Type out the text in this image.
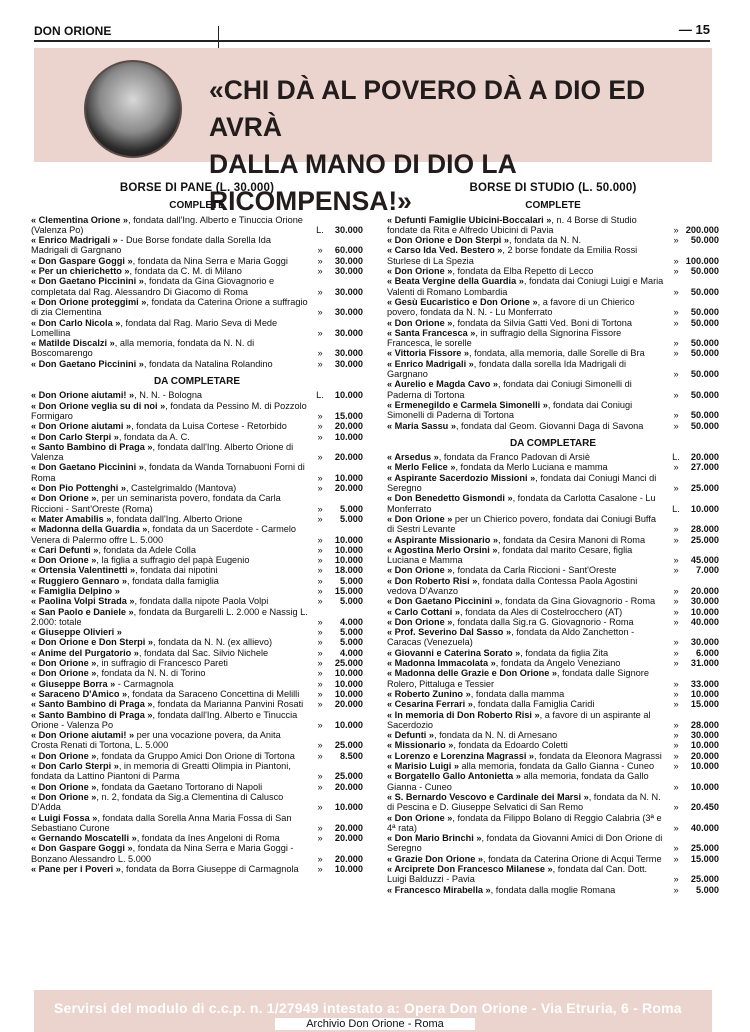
DON ORIONE	— 15
«CHI DÀ AL POVERO DÀ A DIO ED AVRÀ
DALLA MANO DI DIO LA RICOMPENSA!»
BORSE DI PANE (L. 30.000)
COMPLETE
« Clementina Orione », fondata dall'Ing. Alberto e Tinuccia Orione (Valenza Po)	L.	30.000
« Enrico Madrigali » - Due Borse fondate dalla Sorella Ida Madrigali di Gargnano	»	60.000
« Don Gaspare Goggi », fondata da Nina Serra e Maria Goggi	»	30.000
« Per un chierichetto », fondata da C. M. di Milano	»	30.000
« Don Gaetano Piccinini », fondata da Gina Giovagnorio e completata dal Rag. Alessandro Di Giacomo di Roma	»	30.000
« Don Orione proteggimi », fondata da Caterina Orione a suffragio di zia Clementina	»	30.000
« Don Carlo Nicola », fondata dal Rag. Mario Seva di Mede Lomellina	»	30.000
« Matilde Discalzi », alla memoria, fondata da N. N. di Boscomarengo	»	30.000
« Don Gaetano Piccinini », fondata da Natalina Rolandino	»	30.000
DA COMPLETARE
« Don Orione aiutami! », N. N. - Bologna	L.	10.000
« Don Orione veglia su di noi », fondata da Pessino M. di Pozzolo Formigaro	»	15.000
« Don Orione aiutami », fondata da Luisa Cortese - Retorbido	»	20.000
« Don Carlo Sterpi », fondata da A. C.	»	10.000
« Santo Bambino di Praga », fondata dall'Ing. Alberto Orione di Valenza	»	20.000
« Don Gaetano Piccinini », fondata da Wanda Tornabuoni Forni di Roma	»	10.000
« Don Pio Pottenghi », Castelgrimaldo (Mantova)	»	20.000
« Don Orione », per un seminarista povero, fondata da Carla Riccioni - Sant'Oreste (Roma)	»	5.000
« Mater Amabilis », fondata dall'Ing. Alberto Orione	»	5.000
« Madonna della Guardia », fondata da un Sacerdote - Carmelo Venera di Palermo offre L. 5.000	»	10.000
« Cari Defunti », fondata da Adele Colla	»	10.000
« Don Orione », la figlia a suffragio del papà Eugenio	»	10.000
« Ortensia Valentinetti », fondata dai nipotini	»	18.000
« Ruggiero Gennaro », fondata dalla famiglia	»	5.000
« Famiglia Delpino »	»	15.000
« Paolina Volpi Strada », fondata dalla nipote Paola Volpi	»	5.000
« San Paolo e Daniele », fondata da Burgarelli L. 2.000 e Nassig L. 2.000: totale	»	4.000
« Giuseppe Olivieri »	»	5.000
« Don Orione e Don Sterpi », fondata da N. N. (ex allievo)	»	5.000
« Anime del Purgatorio », fondata dal Sac. Silvio Nichele	»	4.000
« Don Orione », in suffragio di Francesco Pareti	»	25.000
« Don Orione », fondata da N. N. di Torino	»	10.000
« Giuseppe Borra » - Carmagnola	»	10.000
« Saraceno D'Amico », fondata da Saraceno Concettina di Melilli	»	10.000
« Santo Bambino di Praga », fondata da Marianna Panvini Rosati	»	20.000
« Santo Bambino di Praga », fondata dall'Ing. Alberto e Tinuccia Orione - Valenza Po	»	10.000
« Don Orione aiutami! » per una vocazione povera, da Anita Crosta Renati di Tortona, L. 5.000	»	25.000
« Don Orione », fondata da Gruppo Amici Don Orione di Tortona	»	8.500
« Don Carlo Sterpi », in memoria di Greatti Olimpia in Piantoni, fondata da Lattino Piantoni di Parma	»	25.000
« Don Orione », fondata da Gaetano Tortorano di Napoli	»	20.000
« Don Orione », n. 2, fondata da Sig.a Clementina di Calusco D'Adda	»	10.000
« Luigi Fossa », fondata dalla Sorella Anna Maria Fossa di San Sebastiano Curone	»	20.000
« Gernando Moscatelli », fondata da Ines Angeloni di Roma	»	20.000
« Don Gaspare Goggi », fondata da Nina Serra e Maria Goggi - Bonzano Alessandro L. 5.000	»	20.000
« Pane per i Poveri », fondata da Borra Giuseppe di Carmagnola	»	10.000
BORSE DI STUDIO (L. 50.000)
COMPLETE
« Defunti Famiglie Ubicini-Boccalari », n. 4 Borse di Studio fondate da Rita e Alfredo Ubicini di Pavia	» 200.000
« Don Orione e Don Sterpi », fondata da N. N.	»	50.000
« Carso Ida Ved. Bestero », 2 borse fondate da Emilia Rossi Sturlese di La Spezia	» 100.000
« Don Orione », fondata da Elba Repetto di Lecco	»	50.000
« Beata Vergine della Guardia », fondata dai Coniugi Luigi e Maria Valenti di Romano Lombardia	»	50.000
« Gesù Eucaristico e Don Orione », a favore di un Chierico povero, fondata da N. N. - Lu Monferrato	»	50.000
« Don Orione », fondata da Silvia Gatti Ved. Boni di Tortona	»	50.000
« Santa Francesca », in suffragio della Signorina Fissore Francesca, le sorelle	»	50.000
« Vittoria Fissore », fondata, alla memoria, dalle Sorelle di Bra	»	50.000
« Enrico Madrigali », fondata dalla sorella Ida Madrigali di Gargnano	»	50.000
« Aurelio e Magda Cavo », fondata dai Coniugi Simonelli di Paderna di Tortona	»	50.000
« Ermenegildo e Carmela Simonelli », fondata dai Coniugi Simonelli di Paderna di Tortona	»	50.000
« Maria Sassu », fondata dal Geom. Giovanni Daga di Savona	»	50.000
DA COMPLETARE
« Arsedus », fondata da Franco Padovan di Arsiè	L.	20.000
« Merlo Felice », fondata da Merlo Luciana e mamma	»	27.000
« Aspirante Sacerdozio Missioni », fondata dai Coniugi Manci di Seregno	»	25.000
« Don Benedetto Gismondi », fondata da Carlotta Casalone - Lu Monferrato	L.	10.000
« Don Orione » per un Chierico povero, fondata dai Coniugi Buffa di Sestri Levante	»	28.000
« Aspirante Missionario », fondata da Cesira Manoni di Roma	»	25.000
« Agostina Merlo Orsini », fondata dal marito Cesare, figlia Luciana e Mamma	»	45.000
« Don Orione », fondata da Carla Riccioni - Sant'Oreste	»	7.000
« Don Roberto Risi », fondata dalla Contessa Paola Agostini vedova D'Avanzo	»	20.000
« Don Gaetano Piccinini », fondata da Gina Giovagnorio - Roma	»	30.000
« Carlo Cottani », fondata da Ales di Costelrocchero (AT)	»	10.000
« Don Orione », fondata dalla Sig.ra G. Giovagnorio - Roma	»	40.000
« Prof. Severino Dal Sasso », fondata da Aldo Zanchetton - Caracas (Venezuela)	»	30.000
« Giovanni e Caterina Sorato », fondata da figlia Zita	»	6.000
« Madonna Immacolata », fondata da Angelo Veneziano	»	31.000
« Madonna delle Grazie e Don Orione », fondata dalle Signore Rolero, Pittaluga e Tessier	»	33.000
« Roberto Zunino », fondata dalla mamma	»	10.000
« Cesarina Ferrari », fondata dalla Famiglia Caridi	»	15.000
« In memoria di Don Roberto Risi », a favore di un aspirante al Sacerdozio	»	28.000
« Defunti », fondata da N. N. di Arnesano	»	30.000
« Missionario », fondata da Edoardo Coletti	»	10.000
« Lorenzo e Lorenzina Magrassi », fondata da Eleonora Magrassi	»	20.000
« Marisio Luigi » alla memoria, fondata da Gallo Gianna - Cuneo	»	10.000
« Borgatello Gallo Antonietta » alla memoria, fondata da Gallo Gianna - Cuneo	»	10.000
« S. Bernardo Vescovo e Cardinale dei Marsi », fondata da N. N. di Pescina e D. Giuseppe Selvatici di San Remo	»	20.450
« Don Orione », fondata da Filippo Bolano di Reggio Calabria (3ª e 4ª rata)	»	40.000
« Don Mario Brinchi », fondata da Giovanni Amici di Don Orione di Seregno	»	25.000
« Grazie Don Orione », fondata da Caterina Orione di Acqui Terme	»	15.000
« Arciprete Don Francesco Milanese », fondata dal Can. Dott. Luigi Balduzzi - Pavia	»	25.000
« Francesco Mirabella », fondata dalla moglie Romana	»	5.000
Servirsi del modulo di c.c.p. n. 1/27949 intestato a: Opera Don Orione - Via Etruria, 6 - Roma
Archivio Don Orione - Roma
